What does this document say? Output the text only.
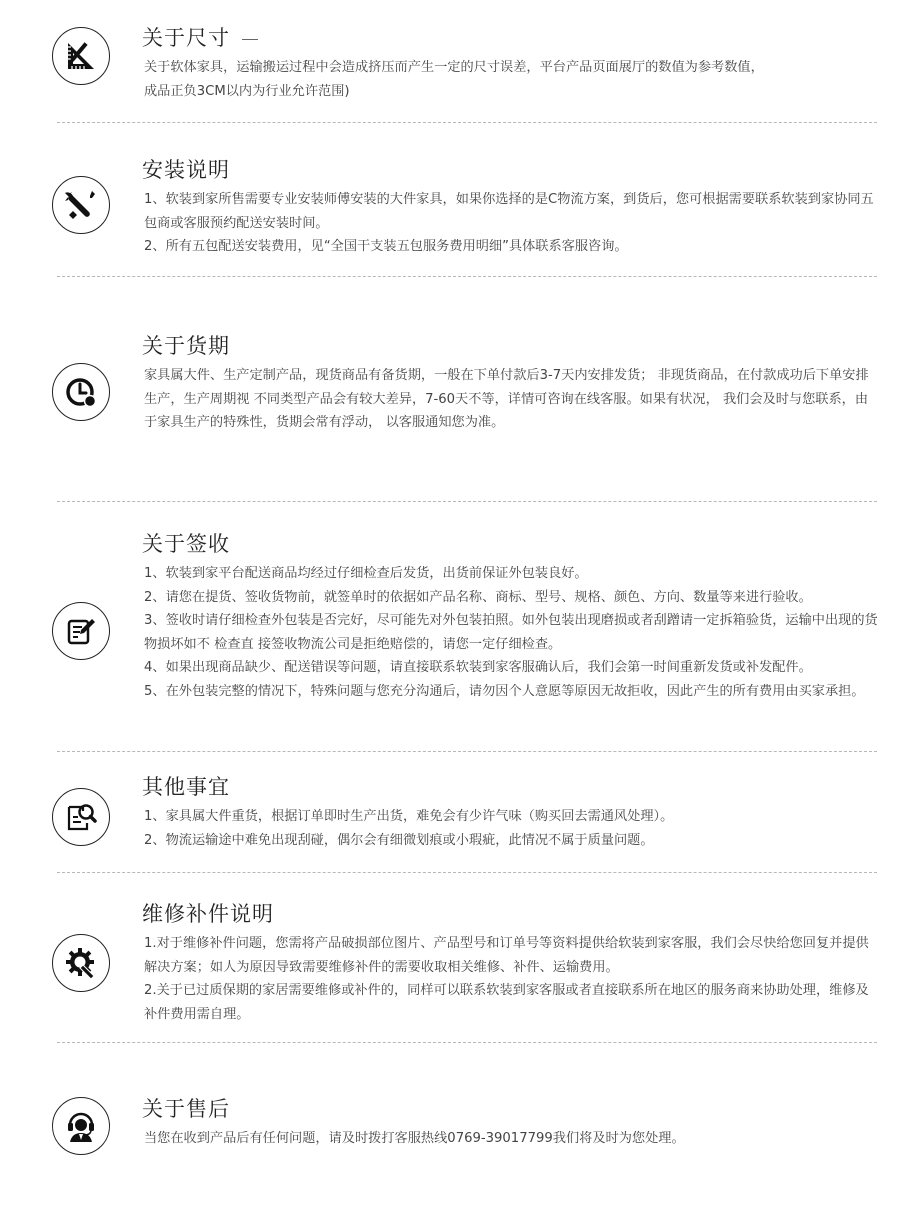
关于尺寸

关于软体家具，运输搬运过程中会造成挤压而产生一定的尺寸误差，平台产品页面展厅的数值为参考数值，

成品正负3CM以内为行业允许范围)

安装说明

1、软装到家所售需要专业安装师傅安装的大件家具，如果你选择的是C物流方案，到货后，您可根据需要联系软装到家协同五包商或客服预约配送安装时间。

2、所有五包配送安装费用，见“全国干支装五包服务费用明细”具体联系客服咨询。

关于货期

家具属大件、生产定制产品，现货商品有备货期，一般在下单付款后3-7天内安排发货； 非现货商品，在付款成功后下单安排生产，生产周期视 不同类型产品会有较大差异，7-60天不等，详情可咨询在线客服。如果有状况， 我们会及时与您联系，由于家具生产的特殊性，货期会常有浮动， 以客服通知您为准。

关于签收

1、软装到家平台配送商品均经过仔细检查后发货，出货前保证外包装良好。

2、请您在提货、签收货物前，就签单时的依据如产品名称、商标、型号、规格、颜色、方向、数量等来进行验收。

3、签收时请仔细检查外包装是否完好，尽可能先对外包装拍照。如外包装出现磨损或者刮蹭请一定拆箱验货，运输中出现的货物损坏如不 检查直 接签收物流公司是拒绝赔偿的，请您一定仔细检查。

4、如果出现商品缺少、配送错误等问题，请直接联系软装到家客服确认后，我们会第一时间重新发货或补发配件。

5、在外包装完整的情况下，特殊问题与您充分沟通后，请勿因个人意愿等原因无故拒收，因此产生的所有费用由买家承担。

其他事宜

1、家具属大件重货，根据订单即时生产出货，难免会有少许气味（购买回去需通风处理）。

2、物流运输途中难免出现刮碰，偶尔会有细微划痕或小瑕疵，此情况不属于质量问题。

维修补件说明

1.对于维修补件问题，您需将产品破损部位图片、产品型号和订单号等资料提供给软装到家客服，我们会尽快给您回复并提供解决方案；如人为原因导致需要维修补件的需要收取相关维修、补件、运输费用。

2.关于已过质保期的家居需要维修或补件的，同样可以联系软装到家客服或者直接联系所在地区的服务商来协助处理，维修及补件费用需自理。

关于售后

当您在收到产品后有任何问题，请及时拨打客服热线0769-39017799我们将及时为您处理。
